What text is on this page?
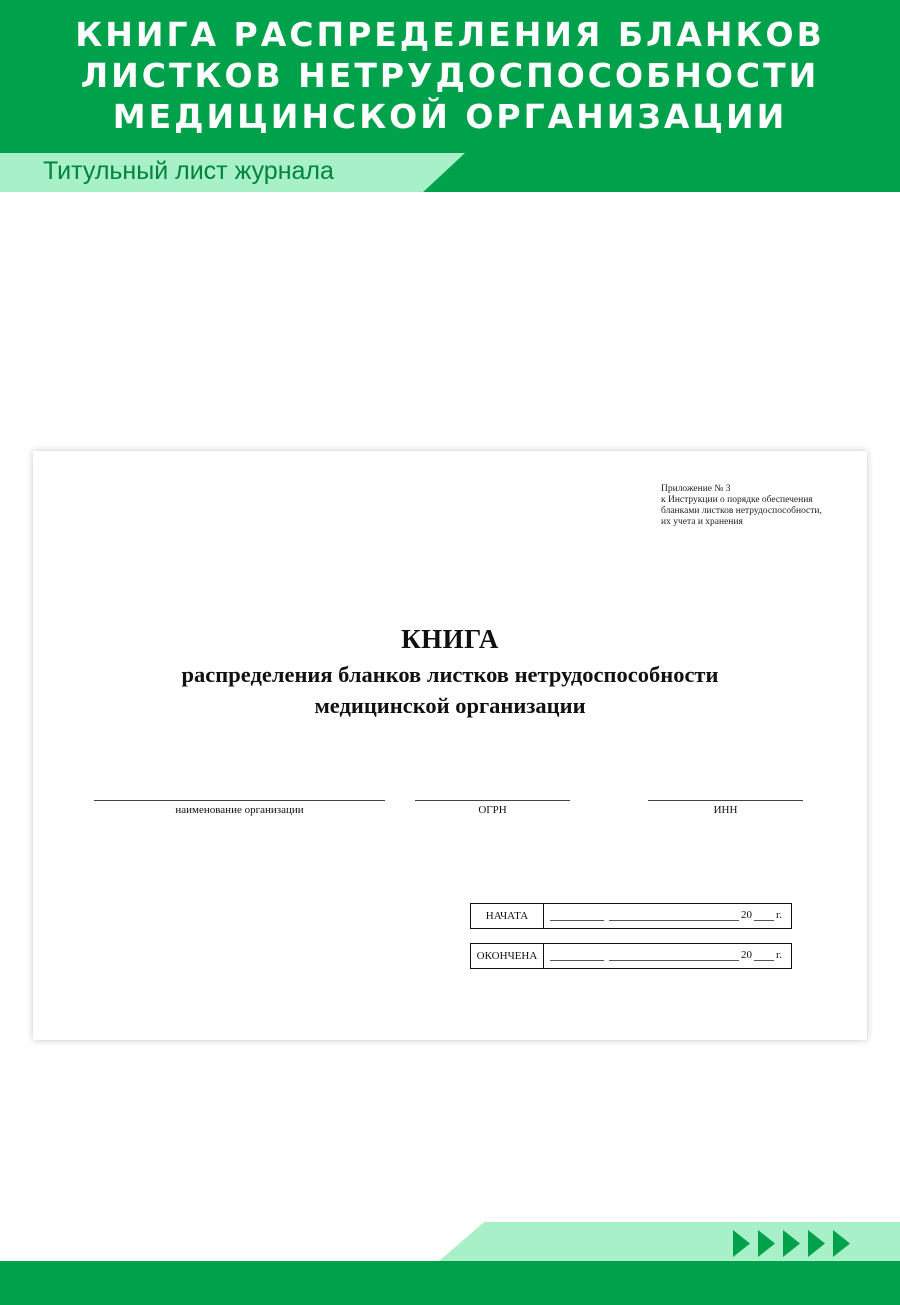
КНИГА РАСПРЕДЕЛЕНИЯ БЛАНКОВ
ЛИСТКОВ НЕТРУДОСПОСОБНОСТИ
МЕДИЦИНСКОЙ ОРГАНИЗАЦИИ
Титульный лист журнала
Приложение № 3
к Инструкции о порядке обеспечения
бланками листков нетрудоспособности,
их учета и хранения
КНИГА
распределения бланков листков нетрудоспособности
медицинской организации
наименование организации	ОГРН	ИНН
НАЧАТА	20 г.
ОКОНЧЕНА	20 г.
